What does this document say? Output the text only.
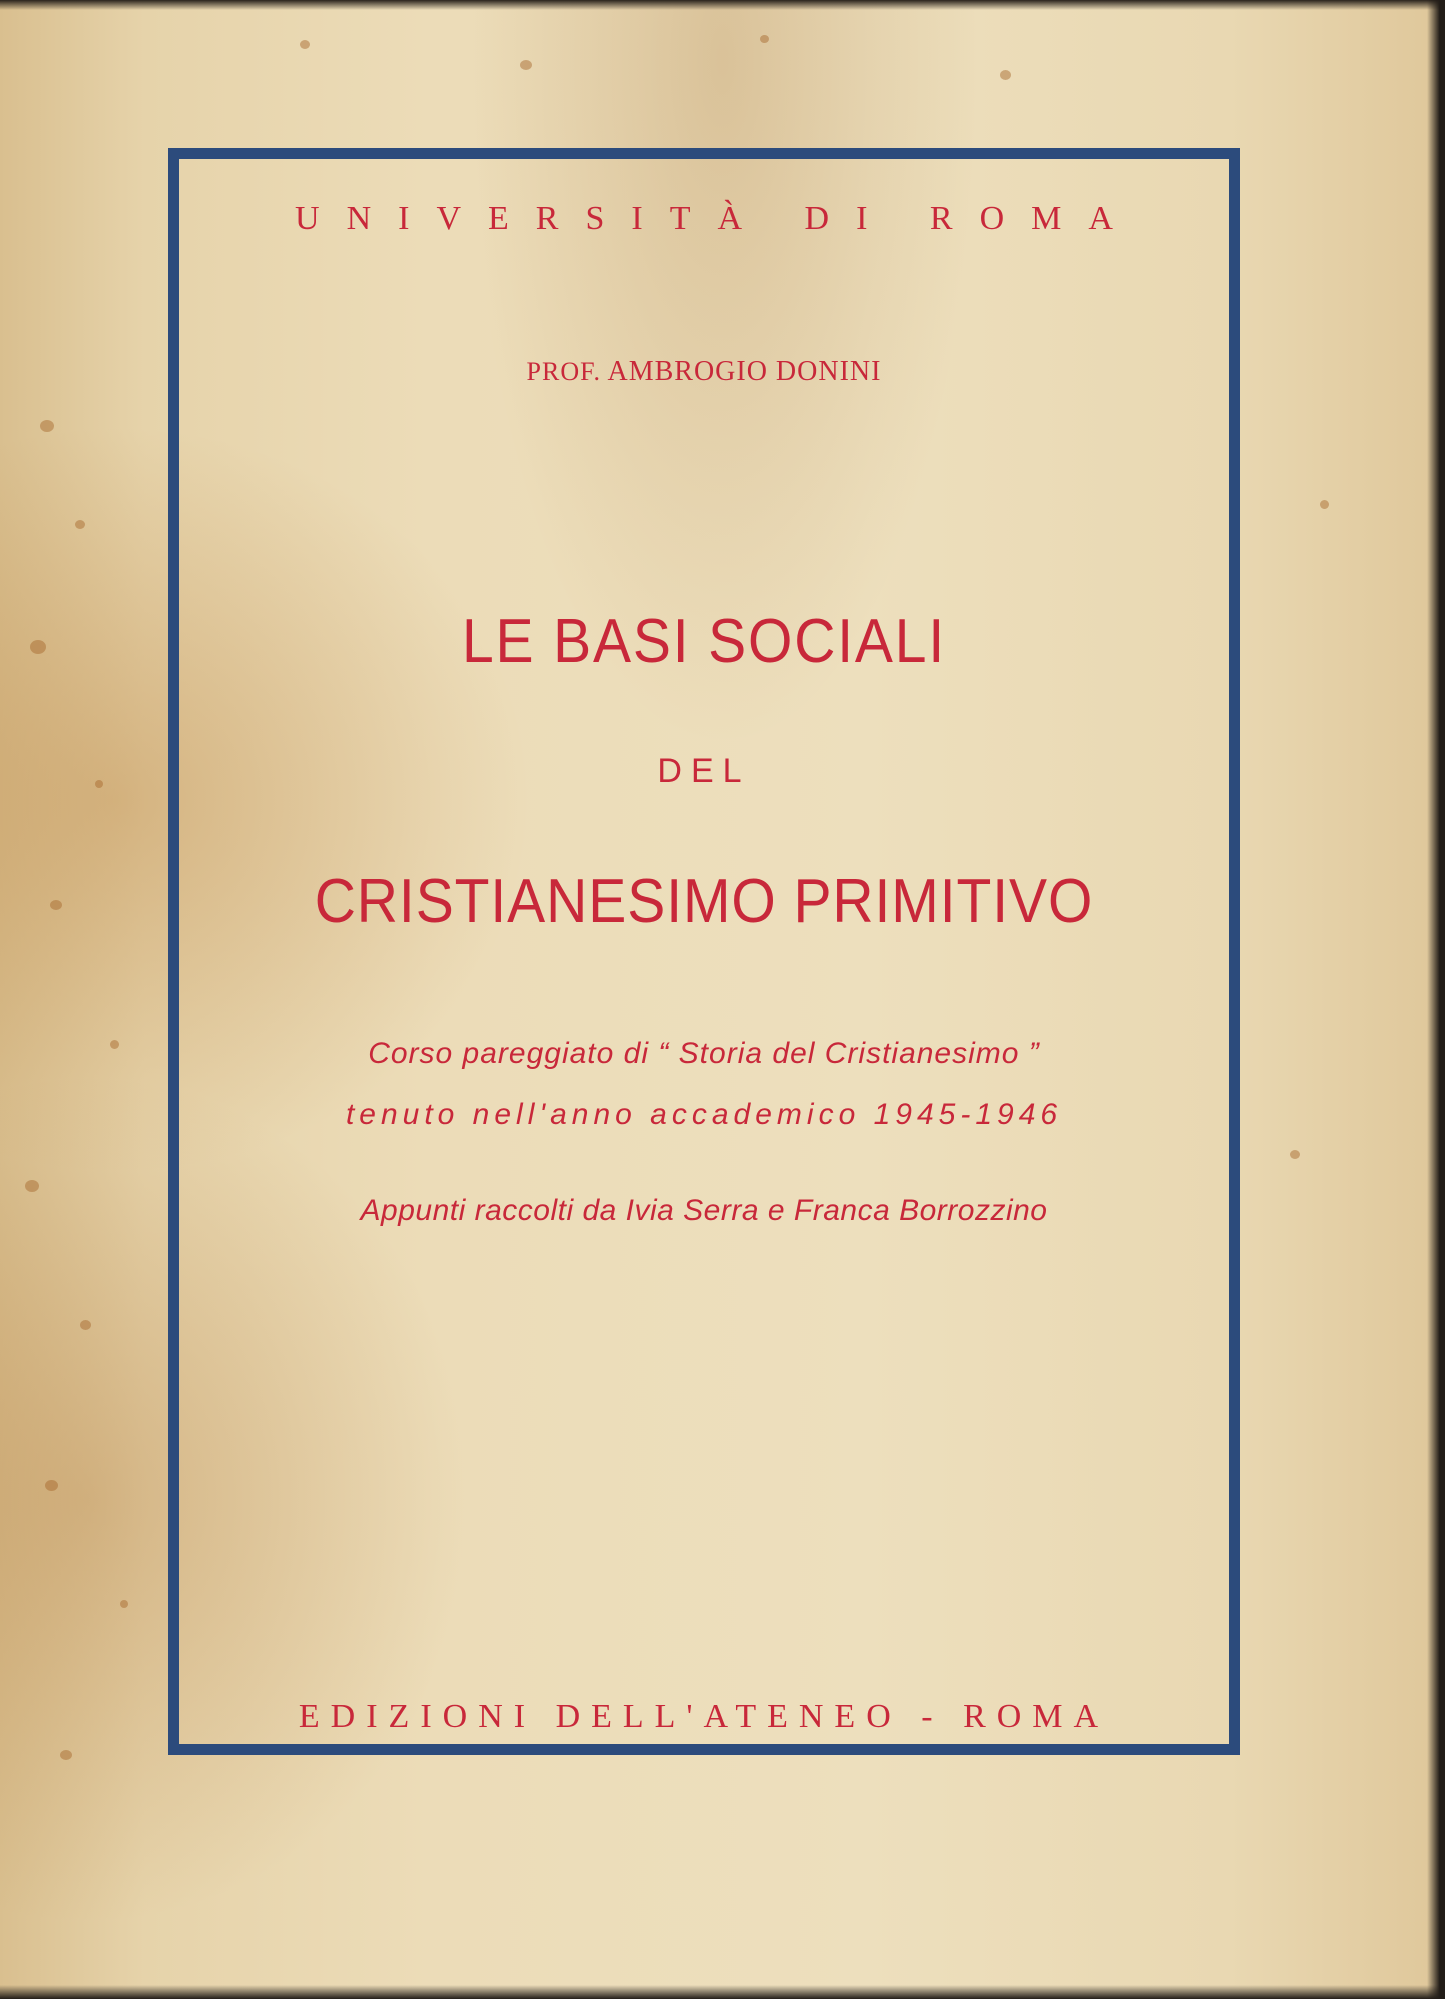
UNIVERSITÀ DI ROMA
PROF. AMBROGIO DONINI
LE BASI SOCIALI
DEL
CRISTIANESIMO PRIMITIVO
Corso pareggiato di “ Storia del Cristianesimo ”
tenuto nell'anno accademico 1945-1946
Appunti raccolti da Ivia Serra e Franca Borrozzino
EDIZIONI DELL'ATENEO - ROMA
